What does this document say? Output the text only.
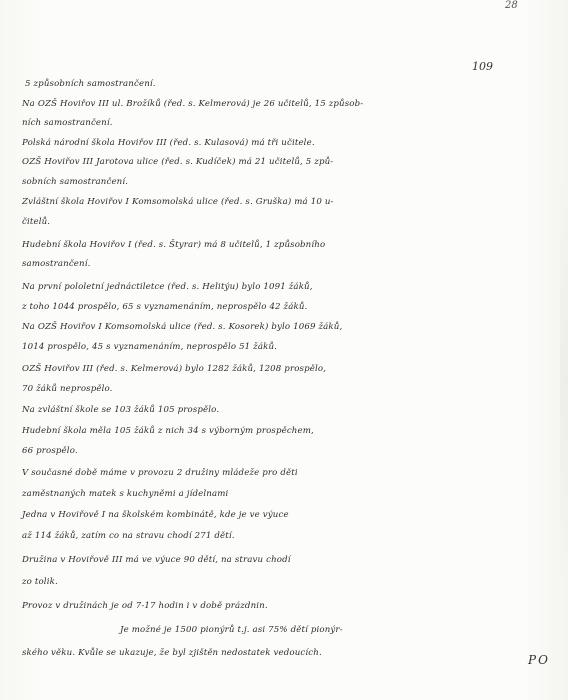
28
109
5 způsobních samostrančení.
Na OZŠ Hoviřov III ul. Brožíků (řed. s. Kelmerová) je 26 učitelů, 15 způsob-
ních samostrančení.
Polská národní škola Hoviřov III (řed. s. Kulasová) má tři učitele.
OZŠ Hoviřov III Jarotova ulice (řed. s. Kudíček) má 21 učitelů, 5 způ-
sobních samostrančení.
Zvláštní škola Hoviřov I Komsomolská ulice (řed. s. Gruška) má 10 u-
čitelů.
Hudební škola Hoviřov I (řed. s. Štyrar) má 8 učitelů, 1 způsobního
samostrančení.
Na první pololetní jednáctiletce (řed. s. Helitýu) bylo 1091 žáků,
z toho 1044 prospělo, 65 s vyznamenáním, neprospělo 42 žáků.
Na OZŠ Hoviřov I Komsomolská ulice (řed. s. Kosorek) bylo 1069 žáků,
1014 prospělo, 45 s vyznamenáním, neprospělo 51 žáků.
OZŠ Hoviřov III (řed. s. Kelmerová) bylo 1282 žáků, 1208 prospělo,
70 žáků neprospělo.
Na zvláštní škole se 103 žáků 105 prospělo.
Hudební škola měla 105 žáků z nich 34 s výborným prospěchem,
66 prospělo.
V současné době máme v provozu 2 družiny mládeže pro děti
zaměstnaných matek s kuchyněmi a jídelnami
Jedna v Hoviřově I na školském kombinátě, kde je ve výuce
až 114 žáků, zatím co na stravu chodí 271 dětí.
Družina v Hoviřově III má ve výuce 90 dětí, na stravu chodí
zo tolik.
Provoz v družinách je od 7-17 hodin i v době prázdnin.
Je možné je 1500 pionýrů t.j. asi 75% dětí pionýr-
ského věku. Kvůle se ukazuje, že byl zjištěn nedostatek vedoucích.	PO
